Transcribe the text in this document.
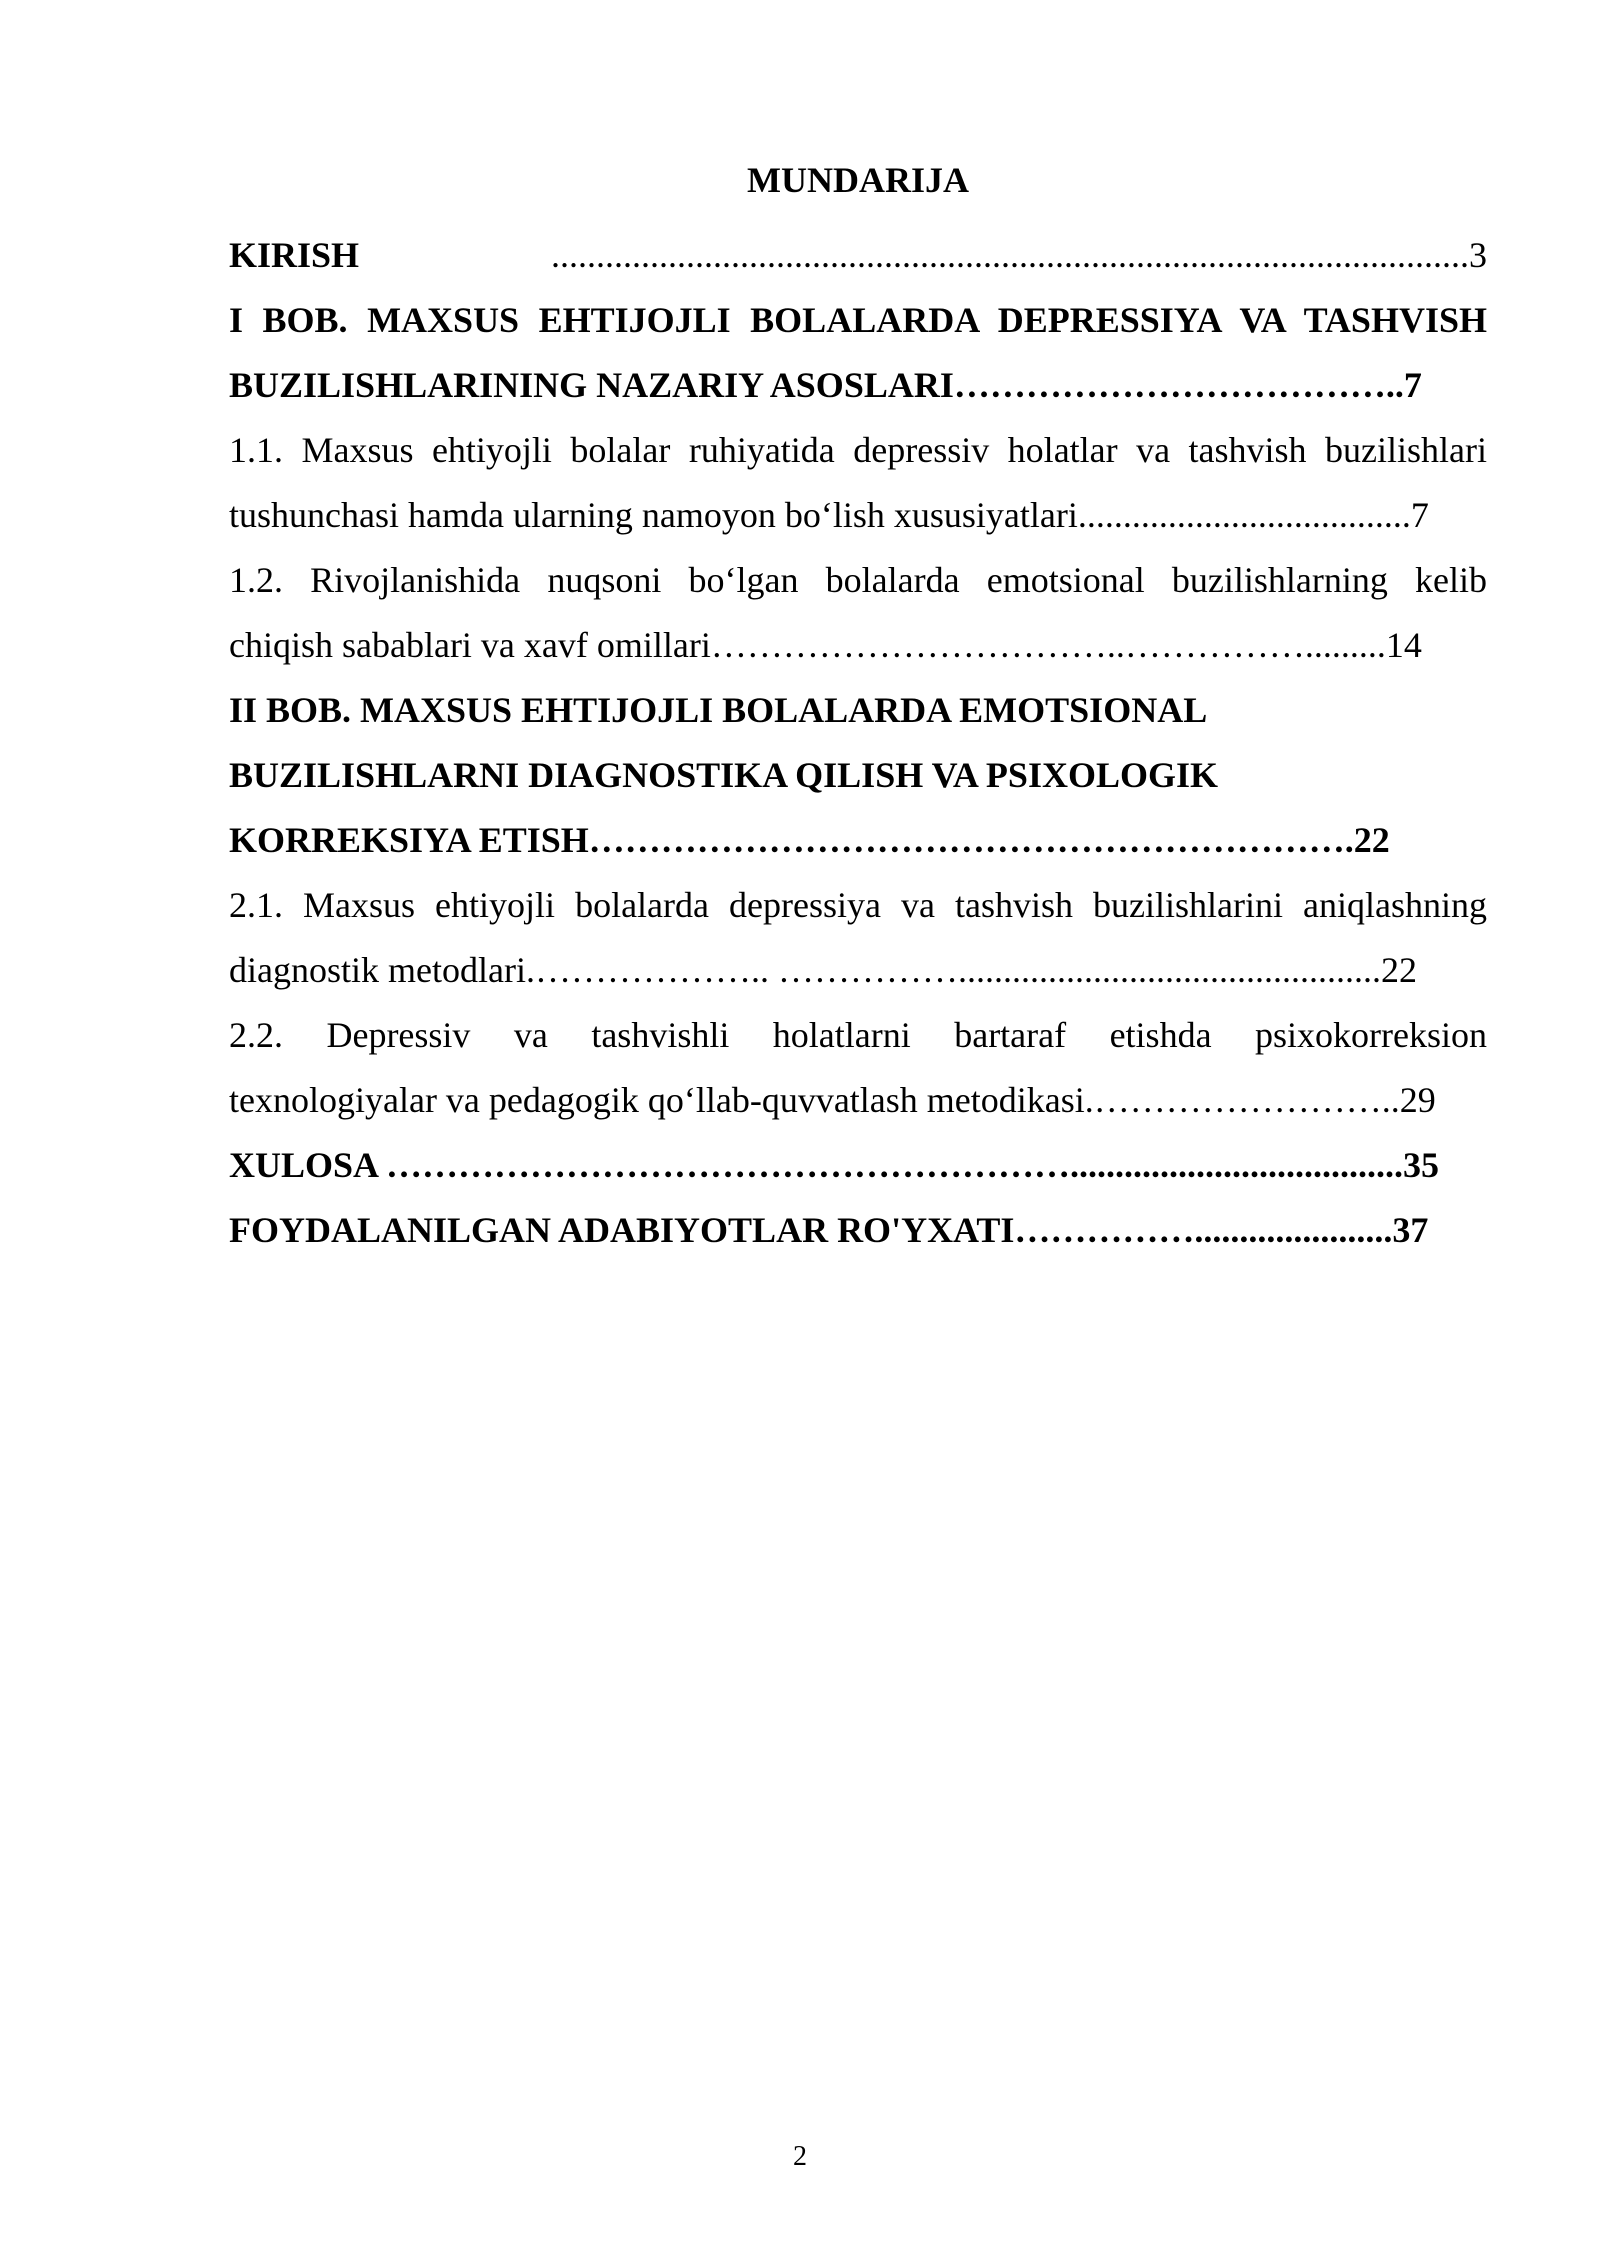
MUNDARIJA
KIRISH	......................................................................................................3
I BOB. MAXSUS EHTIJOJLI BOLALARDA DEPRESSIYA VA TASHVISH
BUZILISHLARINING NAZARIY ASOSLARI………………………………..7
1.1. Maxsus ehtiyojli bolalar ruhiyatida depressiv holatlar va tashvish buzilishlari
tushunchasi hamda ularning namoyon bo‘lish xususiyatlari.....................................7
1.2. Rivojlanishida nuqsoni bo‘lgan bolalarda emotsional buzilishlarning kelib
chiqish sabablari va xavf omillari……………………………..…………….........14
II BOB. MAXSUS EHTIJOJLI BOLALARDA EMOTSIONAL
BUZILISHLARNI DIAGNOSTIKA QILISH VA PSIXOLOGIK
KORREKSIYA ETISH……………………………………………………….22
2.1. Maxsus ehtiyojli bolalarda depressiya va tashvish buzilishlarini aniqlashning
diagnostik metodlari.……………….. ……………...............................................22
2.2. Depressiv va tashvishli holatlarni bartaraf etishda psixokorreksion
texnologiyalar va pedagogik qo‘llab-quvvatlash metodikasi.……………………..29
XULOSA ………………………………………………….....................................35
FOYDALANILGAN ADABIYOTLAR RO'YXATI……………......................37
2
